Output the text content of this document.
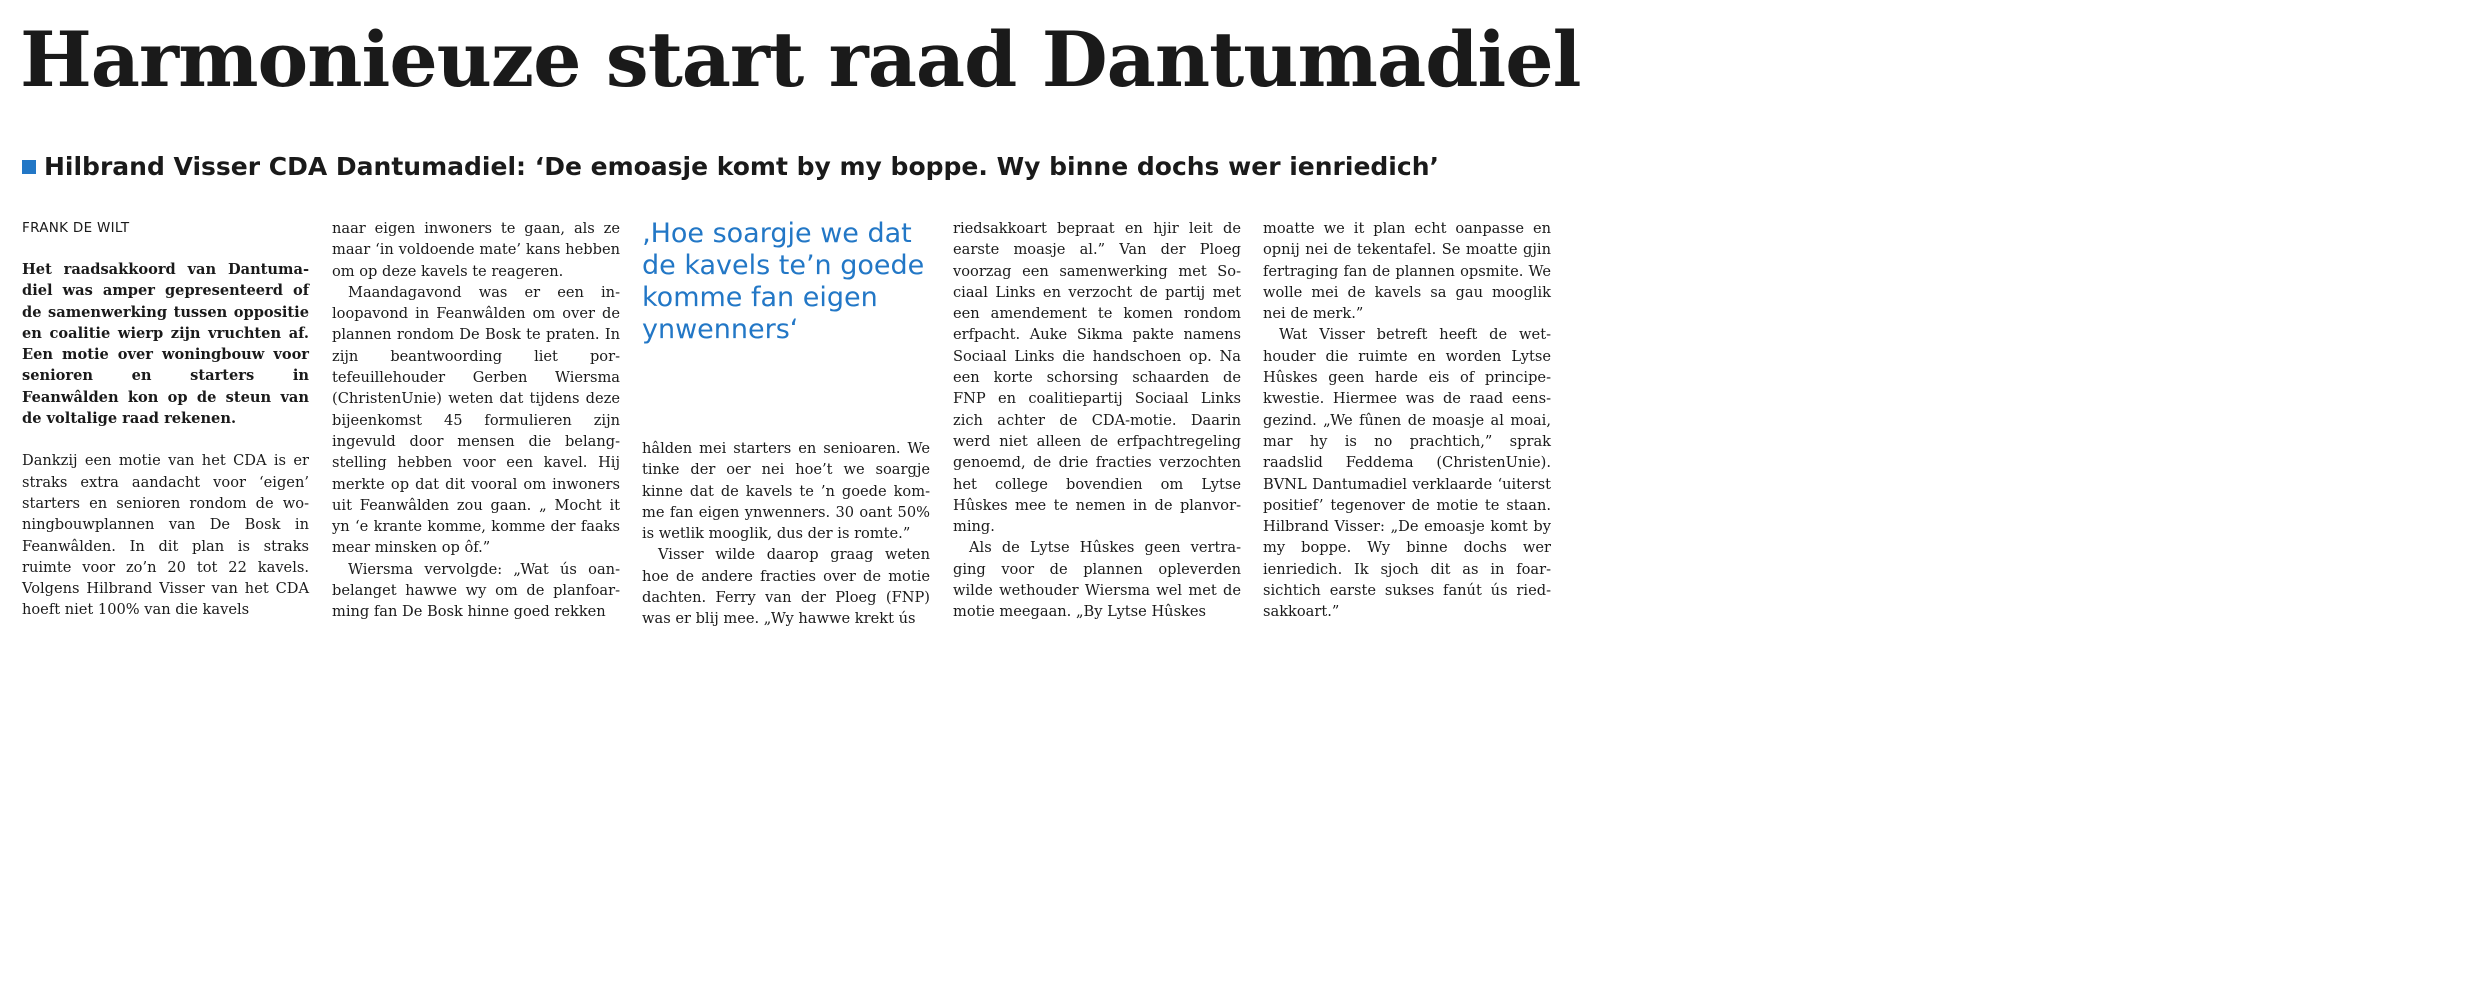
Harmonieuze start raad Dantumadiel
Hilbrand Visser CDA Dantumadiel: ‘De emoasje komt by my boppe. Wy binne dochs wer ienriedich’

FRANK DE WILT

Het raadsakkoord van Dantumadiel was amper gepresenteerd of de samenwerking tussen oppositie en coalitie wierp zijn vruchten af. Een motie over woningbouw voor senioren en starters in Feanwâlden kon op de steun van de voltalige raad rekenen.

Dankzij een motie van het CDA is er straks extra aandacht voor ‘eigen’ starters en senioren rondom de woningbouwplannen van De Bosk in Feanwâlden. In dit plan is straks ruimte voor zo’n 20 tot 22 kavels. Volgens Hilbrand Visser van het CDA hoeft niet 100% van die kavels

naar eigen inwoners te gaan, als ze maar ‘in voldoende mate’ kans hebben om op deze kavels te reageren.

Maandagavond was er een inloopavond in Feanwâlden om over de plannen rondom De Bosk te praten. In zijn beantwoording liet portefeuillehouder Gerben Wiersma (ChristenUnie) weten dat tijdens deze bijeenkomst 45 formulieren zijn ingevuld door mensen die belangstelling hebben voor een kavel. Hij merkte op dat dit vooral om inwoners uit Feanwâlden zou gaan. „ Mocht it yn ‘e krante komme, komme der faaks mear minsken op ôf.”

Wiersma vervolgde: „Wat ús oanbelanget hawwe wy om de planfoarming fan De Bosk hinne goed rekken

‚Hoe soargje we dat de kavels te’n goede komme fan eigen ynwenners‘

hâlden mei starters en senioaren. We tinke der oer nei hoe’t we soargje kinne dat de kavels te ’n goede komme fan eigen ynwenners. 30 oant 50% is wetlik mooglik, dus der is romte.”

Visser wilde daarop graag weten hoe de andere fracties over de motie dachten. Ferry van der Ploeg (FNP) was er blij mee. „Wy hawwe krekt ús

riedsakkoart bepraat en hjir leit de earste moasje al.” Van der Ploeg voorzag een samenwerking met Sociaal Links en verzocht de partij met een amendement te komen rondom erfpacht. Auke Sikma pakte namens Sociaal Links die handschoen op. Na een korte schorsing schaarden de FNP en coalitiepartij Sociaal Links zich achter de CDA-motie. Daarin werd niet alleen de erfpachtregeling genoemd, de drie fracties verzochten het college bovendien om Lytse Hûskes mee te nemen in de planvorming.

Als de Lytse Hûskes geen vertraging voor de plannen opleverden wilde wethouder Wiersma wel met de motie meegaan. „By Lytse Hûskes

moatte we it plan echt oanpasse en opnij nei de tekentafel. Se moatte gjin fertraging fan de plannen opsmite. We wolle mei de kavels sa gau mooglik nei de merk.”

Wat Visser betreft heeft de wethouder die ruimte en worden Lytse Hûskes geen harde eis of principekwestie. Hiermee was de raad eensgezind. „We fûnen de moasje al moai, mar hy is no prachtich,” sprak raadslid Feddema (ChristenUnie). BVNL Dantumadiel verklaarde ‘uiterst positief’ tegenover de motie te staan. Hilbrand Visser: „De emoasje komt by my boppe. Wy binne dochs wer ienriedich. Ik sjoch dit as in foarsichtich earste sukses fanút ús riedsakkoart.”
